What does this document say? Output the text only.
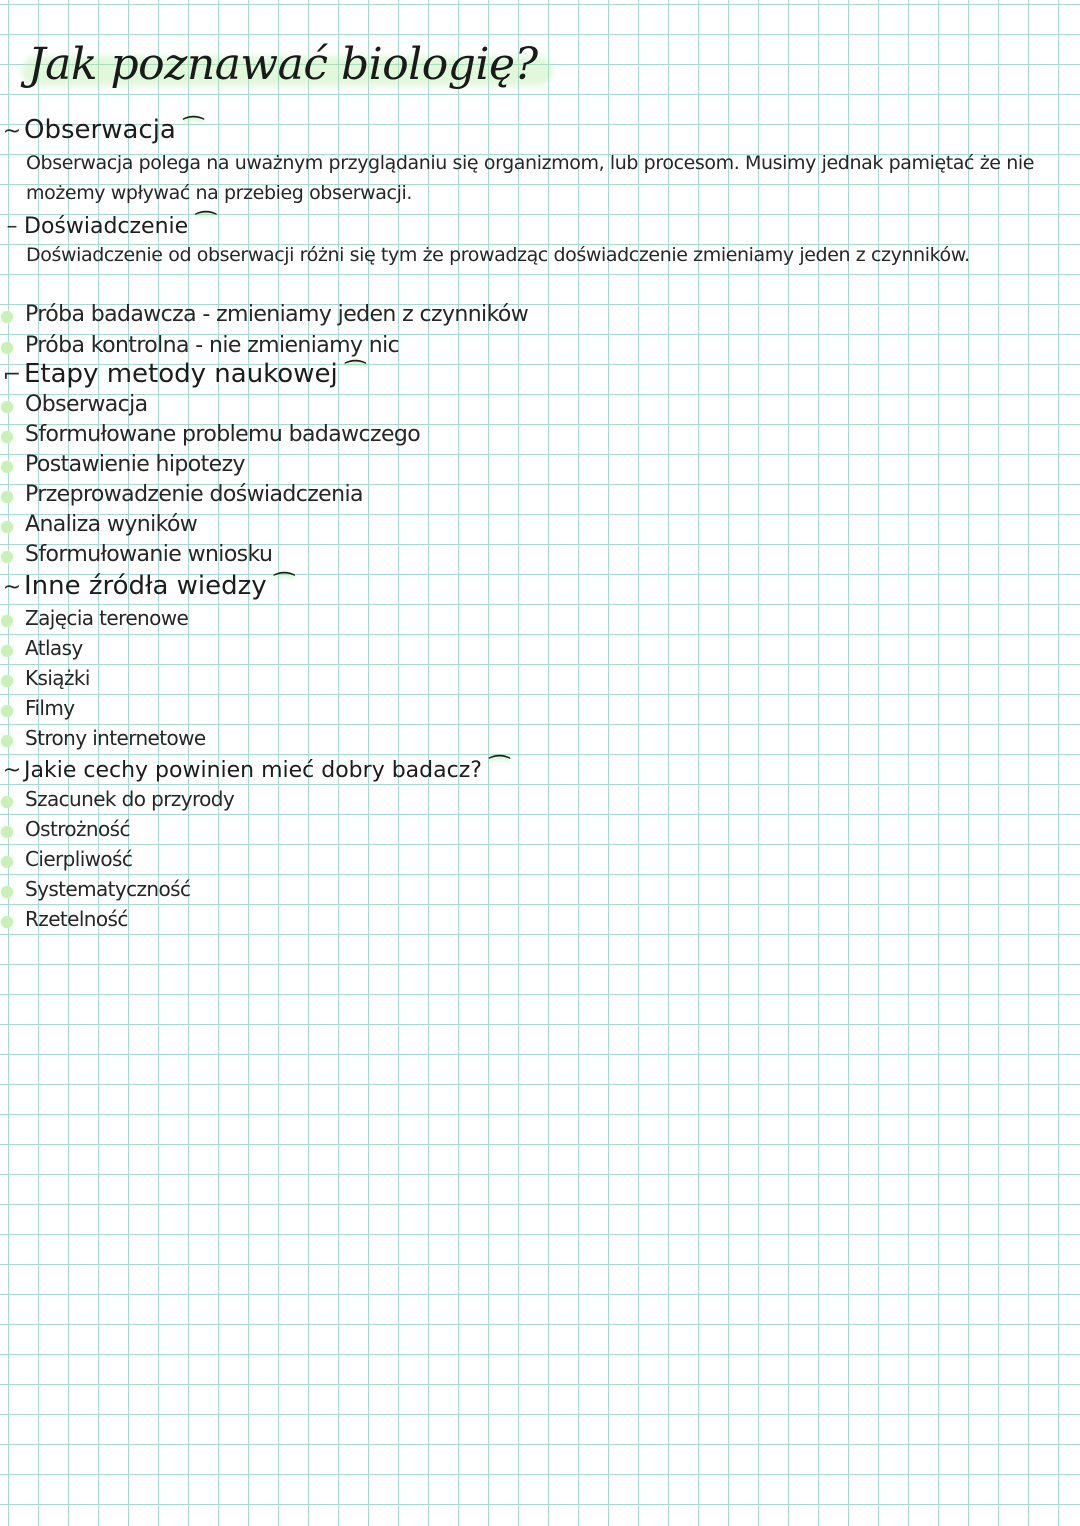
Jak poznawać biologię?
~ Obserwacja ⁀
Obserwacja polega na uważnym przyglądaniu się organizmom, lub procesom. Musimy jednak pamiętać że nie możemy wpływać na przebieg obserwacji.
– Doświadczenie ⁀
Doświadczenie od obserwacji różni się tym że prowadząc doświadczenie zmieniamy jeden z czynników.
Próba badawcza - zmieniamy jeden z czynników
Próba kontrolna - nie zmieniamy nic
⌐ Etapy metody naukowej ⁀
Obserwacja
Sformułowane problemu badawczego
Postawienie hipotezy
Przeprowadzenie doświadczenia
Analiza wyników
Sformułowanie wniosku
~ Inne źródła wiedzy ⁀
Zajęcia terenowe
Atlasy
Książki
Filmy
Strony internetowe
~ Jakie cechy powinien mieć dobry badacz? ⁀
Szacunek do przyrody
Ostrożność
Cierpliwość
Systematyczność
Rzetelność
